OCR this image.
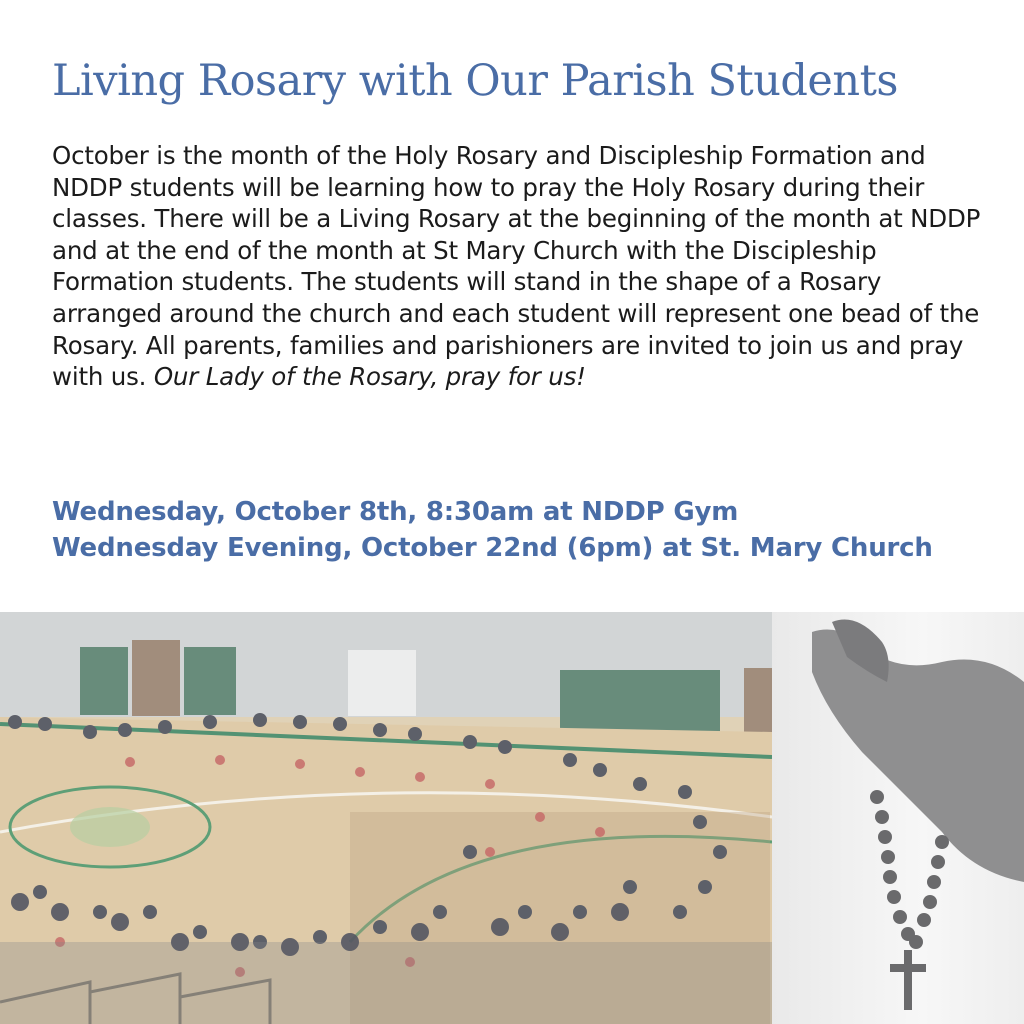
Living Rosary with Our Parish Students
October is the month of the Holy Rosary and Discipleship Formation and NDDP students will be learning how to pray the Holy Rosary during their classes. There will be a Living Rosary at the beginning of the month at NDDP and at the end of the month at St Mary Church with the Discipleship Formation students. The students will stand in the shape of a Rosary arranged around the church and each student will represent one bead of the Rosary. All parents, families and parishioners are invited to join us and pray with us. Our Lady of the Rosary, pray for us!
Wednesday, October 8th, 8:30am at NDDP Gym
Wednesday Evening, October 22nd (6pm) at St. Mary Church
